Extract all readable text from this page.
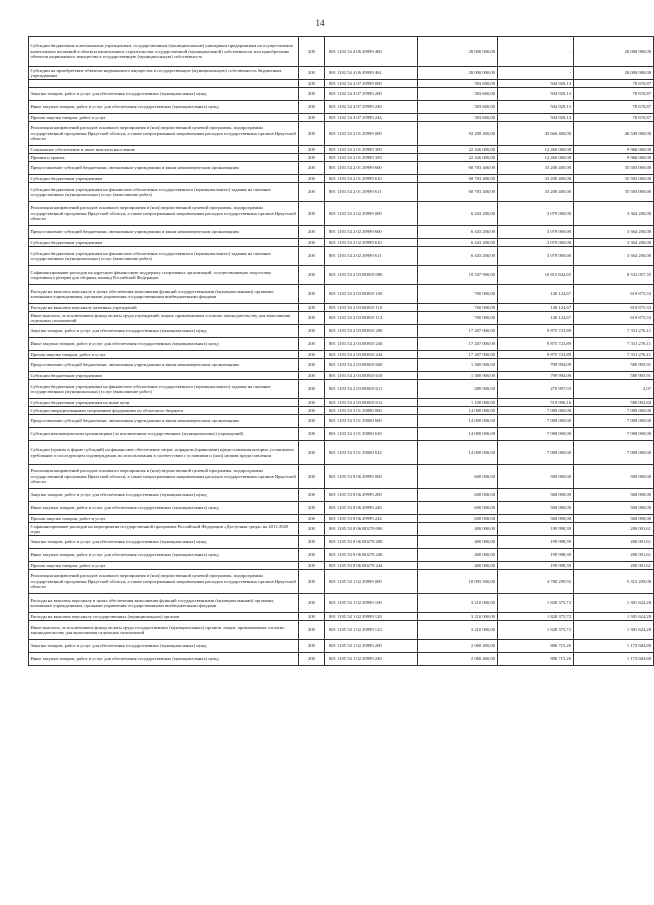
14
Субсидии бюджетным и автономным учреждениям, государственным (муниципальным) унитарным предприятиям на осуществление капитальных вложений в объекты капитального строительства государственной (муниципальной) собственности или приобретение объектов недвижимого имущества в государственную (муниципальную) собственность	200	801 1102 54 4 06 29999 460	28 000 000,00	-	28 000 000,00
Субсидии на приобретение объектов недвижимого имущества в государственную (муниципальную) собственность бюджетным учреждениям	200	801 1102 54 4 06 29999 461	28 000 000,00	-	28 000 000,00
	200	801 1102 54 4 07 29999 000	583 600,00	504 929,13	78 670,87
Закупка товаров, работ и услуг для обеспечения государственных (муниципальных) нужд	200	801 1102 54 4 07 29999 200	583 600,00	504 929,13	78 670,87
Иные закупки товаров, работ и услуг для обеспечения государственных (муниципальных) нужд	200	801 1102 54 4 07 29999 240	583 600,00	504 929,13	78 670,87
Прочая закупка товаров, работ и услуг	200	801 1102 54 4 07 29999 244	583 600,00	504 929,13	78 670,87
Реализация направлений расходов основного мероприятия и (или) ведомственной целевой программы, подпрограммы государственной программы Иркутской области, а также непрограммным направлениям расходов государственных органов Иркутской области	200	801 1103 54 2 01 29999 000	92 209 400,00	45 660 400,00	46 549 000,00
Социальное обеспечение и иные выплаты населению	200	801 1103 54 2 01 29999 300	22 426 000,00	12 460 000,00	9 966 000,00
Премии и гранты	200	801 1103 54 2 01 29999 350	22 426 000,00	12 460 000,00	9 966 000,00
Предоставление субсидий бюджетным, автономным учреждениям и иным некоммерческим организациям	200	801 1103 54 2 01 29999 600	68 783 400,00	33 200 400,00	35 583 000,00
Субсидии бюджетным учреждениям	200	801 1103 54 2 01 29999 610	68 783 400,00	33 200 400,00	35 583 000,00
Субсидии бюджетным учреждениям на финансовое обеспечение государственного (муниципального) задания на оказание государственных (муниципальных) услуг (выполнение работ)	200	801 1103 54 2 01 29999 611	68 783 400,00	33 200 400,00	35 583 000,00
Реализация направлений расходов основного мероприятия и (или) ведомственной целевой программы, подпрограммы государственной программы Иркутской области, а также непрограммным направлениям расходов государственных органов Иркутской области	200	801 1103 54 2 02 29999 000	6 443 200,00	3 079 000,00	3 364 200,00
Предоставление субсидий бюджетным, автономным учреждениям и иным некоммерческим организациям	200	801 1103 54 2 02 29999 600	6 443 200,00	3 079 000,00	3 364 200,00
Субсидии бюджетным учреждениям	200	801 1103 54 2 02 29999 610	6 443 200,00	3 079 000,00	3 364 200,00
Субсидии бюджетным учреждениям на финансовое обеспечение государственного (муниципального) задания на оказание государственных (муниципальных) услуг (выполнение работ)	200	801 1103 54 2 02 29999 611	6 443 200,00	3 079 000,00	3 364 200,00
Софинансирование расходов на адресную финансовую поддержку спортивных организаций, осуществляющих подготовку спортивного резерва для сборных команд Российской Федерации	200	801 1103 54 2 03 R0810 000	19 347 900,00	10 815 842,65	8 532 057,35
Расходы на выплаты персоналу в целях обеспечения выполнения функций государственными (муниципальными) органами, казенными учреждениями, органами управления государственными внебюджетными фондами	200	801 1103 54 2 03 R0810 100	760 000,00	140 124,67	619 875,33
Расходы на выплаты персоналу казенных учреждений	200	801 1103 54 2 03 R0810 110	760 000,00	140 124,67	619 875,33
Иные выплаты, за исключением фонда оплаты труда учреждений, лицам, привлекаемым согласно законодательству для выполнения отдельных полномочий	200	801 1103 54 2 03 R0810 113	760 000,00	140 124,67	619 875,33
Закупка товаров, работ и услуг для обеспечения государственных (муниципальных) нужд	200	801 1103 54 2 03 R0810 200	17 207 000,00	9 875 723,89	7 331 276,11
Иные закупки товаров, работ и услуг для обеспечения государственных (муниципальных) нужд	200	801 1103 54 2 03 R0810 240	17 207 000,00	9 875 723,89	7 331 276,11
Прочая закупка товаров, работ и услуг	200	801 1103 54 2 03 R0810 244	17 207 000,00	9 875 723,89	7 331 276,11
Предоставление субсидий бюджетным, автономным учреждениям и иным некоммерческим организациям	200	801 1103 54 2 03 R0810 600	1 380 900,00	799 994,09	580 905,91
Субсидии бюджетным учреждениям	200	801 1103 54 2 03 R0810 610	1 380 900,00	799 994,09	580 905,91
Субсидии бюджетным учреждениям на финансовое обеспечение государственного (муниципального) задания на оказание государственных (муниципальных) услуг (выполнение работ)	200	801 1103 54 2 03 R0810 611	280 900,00	279 997,93	2,07
Субсидии бюджетным учреждениям на иные цели	200	801 1103 54 2 03 R0810 612	1 100 000,00	519 996,16	580 003,84
Субсидии аккредитованным спортивным федерациям по областного бюджета	200	801 1103 54 3 01 29000 000	14 000 000,00	7 000 000,00	7 000 000,00
Предоставление субсидий бюджетным, автономным учреждениям и иным некоммерческим организациям	200	801 1103 54 3 01 29000 600	14 000 000,00	7 000 000,00	7 000 000,00
Субсидии некоммерческим организациям (за исключением государственных (муниципальных) учреждений)	200	801 1103 54 3 01 29000 630	14 000 000,00	7 000 000,00	7 000 000,00
Субсидии (гранты в форме субсидий) на финансовое обеспечение затрат, порядком (правилами) предоставления которых установлено требование о последующем подтверждении их использования в соответствии с условиями и (или) целями предоставления	200	801 1103 54 3 01 29000 632	14 000 000,00	7 000 000,00	7 000 000,00
Реализация направлений расходов основного мероприятия и (или) ведомственной целевой программы, подпрограммы государственной программы Иркутской области, а также непрограммным направлениям расходов государственных органов Иркутской области	200	801 1105 53 8 06 29999 000	600 000,00	300 000,00	300 000,00
Закупка товаров, работ и услуг для обеспечения государственных (муниципальных) нужд	200	801 1105 53 8 06 29999 200	600 000,00	300 000,00	300 000,00
Иные закупки товаров, работ и услуг для обеспечения государственных (муниципальных) нужд	200	801 1105 53 8 06 29999 240	600 000,00	300 000,00	300 000,00
Прочая закупка товаров, работ и услуг	200	801 1105 53 8 06 29999 244	600 000,00	300 000,00	300 000,00
Софинансирование расходов на мероприятия государственной программы Российской Федерации «Доступная среда» на 2011-2020 годы	200	801 1105 53 8 06 R0270 000	400 000,00	199 998,39	200 001,61
Закупка товаров, работ и услуг для обеспечения государственных (муниципальных) нужд	200	801 1105 53 8 06 R0270 200	400 000,00	199 998,39	200 001,61
Иные закупки товаров, работ и услуг для обеспечения государственных (муниципальных) нужд	200	801 1105 53 8 06 R0270 240	400 000,00	199 998,39	200 001,61
Прочая закупка товаров, работ и услуг	200	801 1105 53 8 06 R0270 244	400 000,00	199 998,39	200 001,61
Реализация направлений расходов основного мероприятия и (или) ведомственной целевой программы, подпрограммы государственной программы Иркутской области, а также непрограммным направлениям расходов государственных органов Иркутской области	200	801 1105 54 1 02 29999 000	10 095 500,00	4 780 290,92	5 315 209,08
Расходы на выплаты персоналу в целях обеспечения выполнения функций государственными (муниципальными) органами, казенными учреждениями, органами управления государственными внебюджетными фондами	200	801 1105 54 1 02 29999 100	3 210 000,00	1 828 375,72	1 381 624,28
Расходы на выплаты персоналу государственных (муниципальных) органов	200	801 1105 54 1 02 29999 120	3 210 000,00	1 828 375,72	1 381 624,28
Иные выплаты, за исключением фонда оплаты труда государственных (муниципальных) органов, лицам, привлекаемым согласно законодательству для выполнения отдельных полномочий	200	801 1105 54 1 02 29999 123	3 210 000,00	1 828 375,72	1 381 624,28
Закупка товаров, работ и услуг для обеспечения государственных (муниципальных) нужд	200	801 1105 54 1 02 29999 200	2 060 400,00	886 715,20	1 173 684,80
Иные закупки товаров, работ и услуг для обеспечения государственных (муниципальных) нужд	200	801 1105 54 1 02 29999 240	2 060 400,00	886 715,20	1 173 684,80
